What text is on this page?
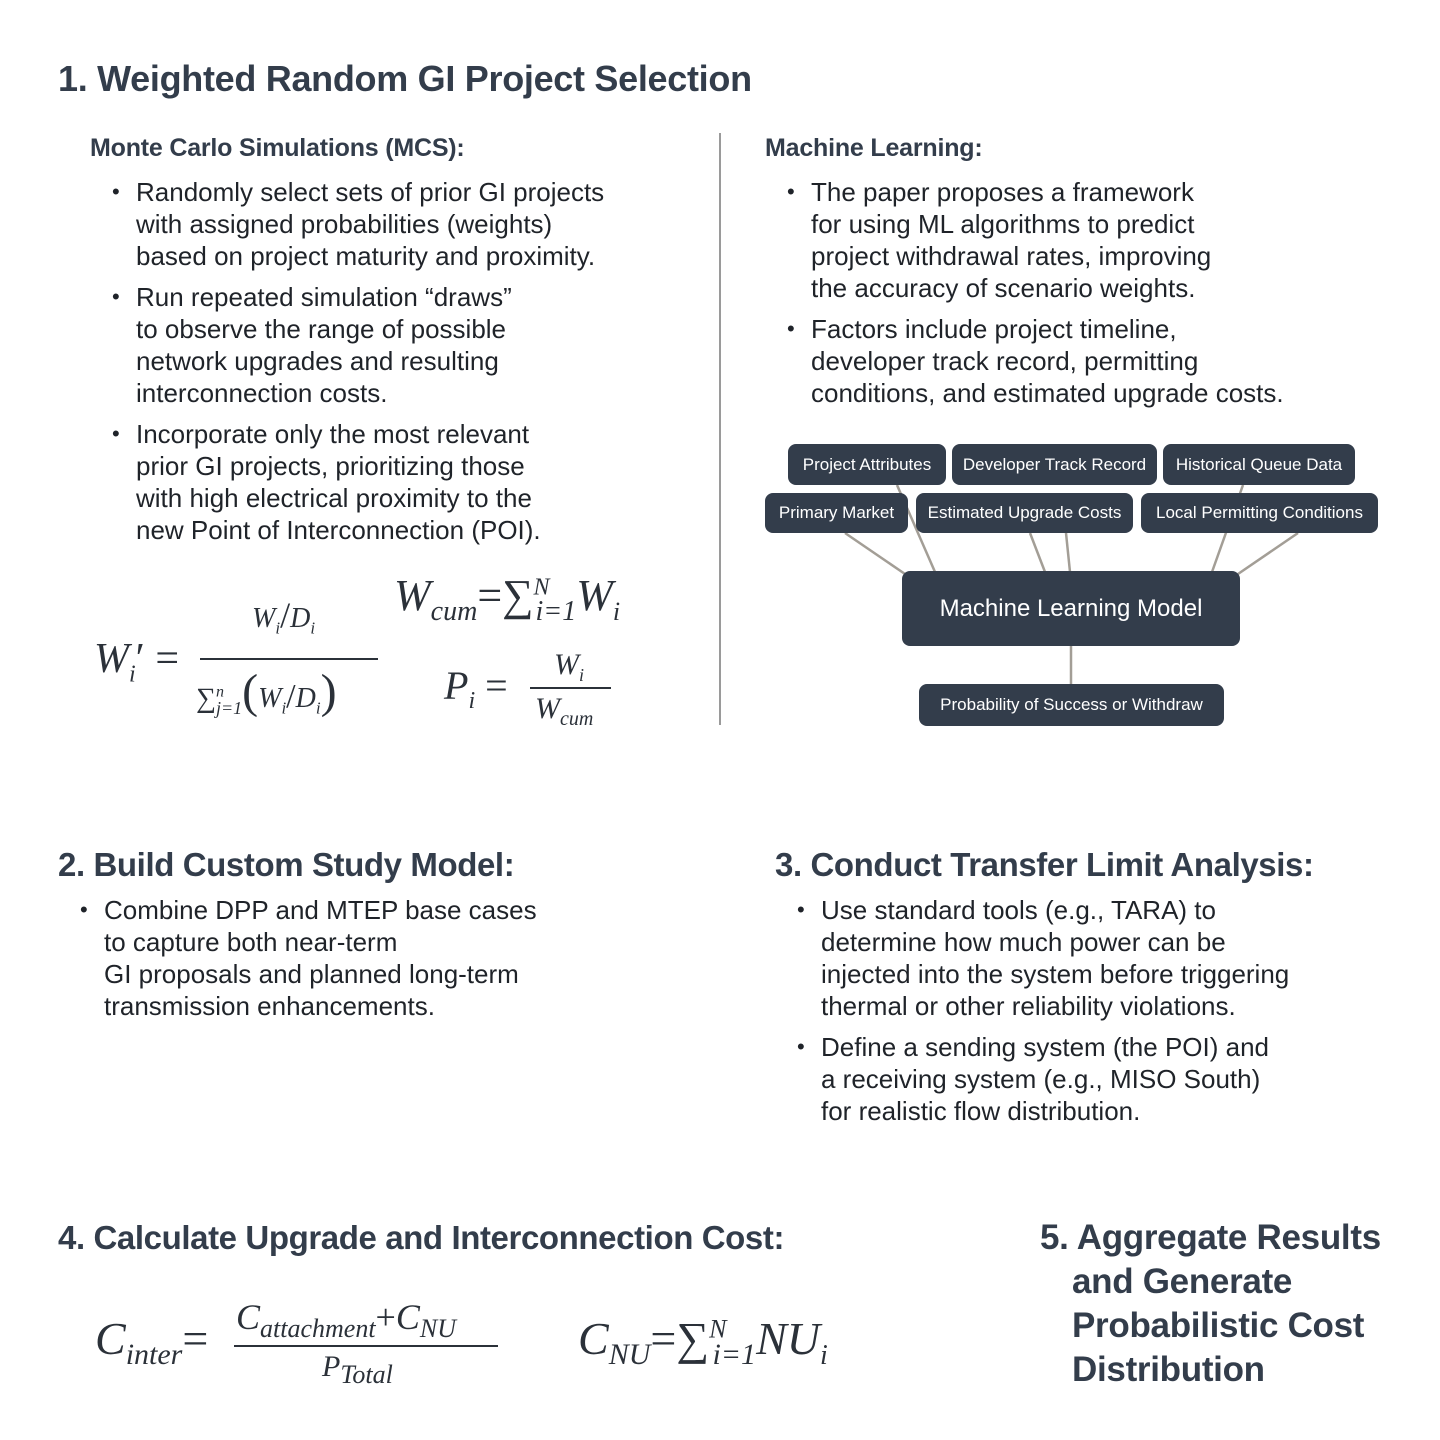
1. Weighted Random GI Project Selection
Monte Carlo Simulations (MCS):
• Randomly select sets of prior GI projects
with assigned probabilities (weights)
based on project maturity and proximity.
• Run repeated simulation “draws”
to observe the range of possible
network upgrades and resulting
interconnection costs.
• Incorporate only the most relevant
prior GI projects, prioritizing those
with high electrical proximity to the
new Point of Interconnection (POI).
Machine Learning:
• The paper proposes a framework
for using ML algorithms to predict
project withdrawal rates, improving
the accuracy of scenario weights.
• Factors include project timeline,
developer track record, permitting
conditions, and estimated upgrade costs.
Project Attributes	Developer Track Record	Historical Queue Data
Primary Market	Estimated Upgrade Costs	Local Permitting Conditions
Machine Learning Model
Probability of Success or Withdraw
$W_i'$ =
$W_i/D_i$
$\sum^n_{j=1}(W_i/D_i)$
$W_{cum}=\sum^N_{i=1}W_i$
$P_i = W_i$
$W_{cum}$
2. Build Custom Study Model:
• Combine DPP and MTEP base cases
to capture both near-term
GI proposals and planned long-term
transmission enhancements.
3. Conduct Transfer Limit Analysis:
• Use standard tools (e.g., TARA) to
determine how much power can be
injected into the system before triggering
thermal or other reliability violations.
• Define a sending system (the POI) and
a receiving system (e.g., MISO South)
for realistic flow distribution.
4. Calculate Upgrade and Interconnection Cost:
$C_{inter}= C_{attachment}+C_{NU}$
$P_{Total}$
$C_{NU}=\sum^N_{i=1}NU_i$
5. Aggregate Results
and Generate
Probabilistic Cost
Distribution
